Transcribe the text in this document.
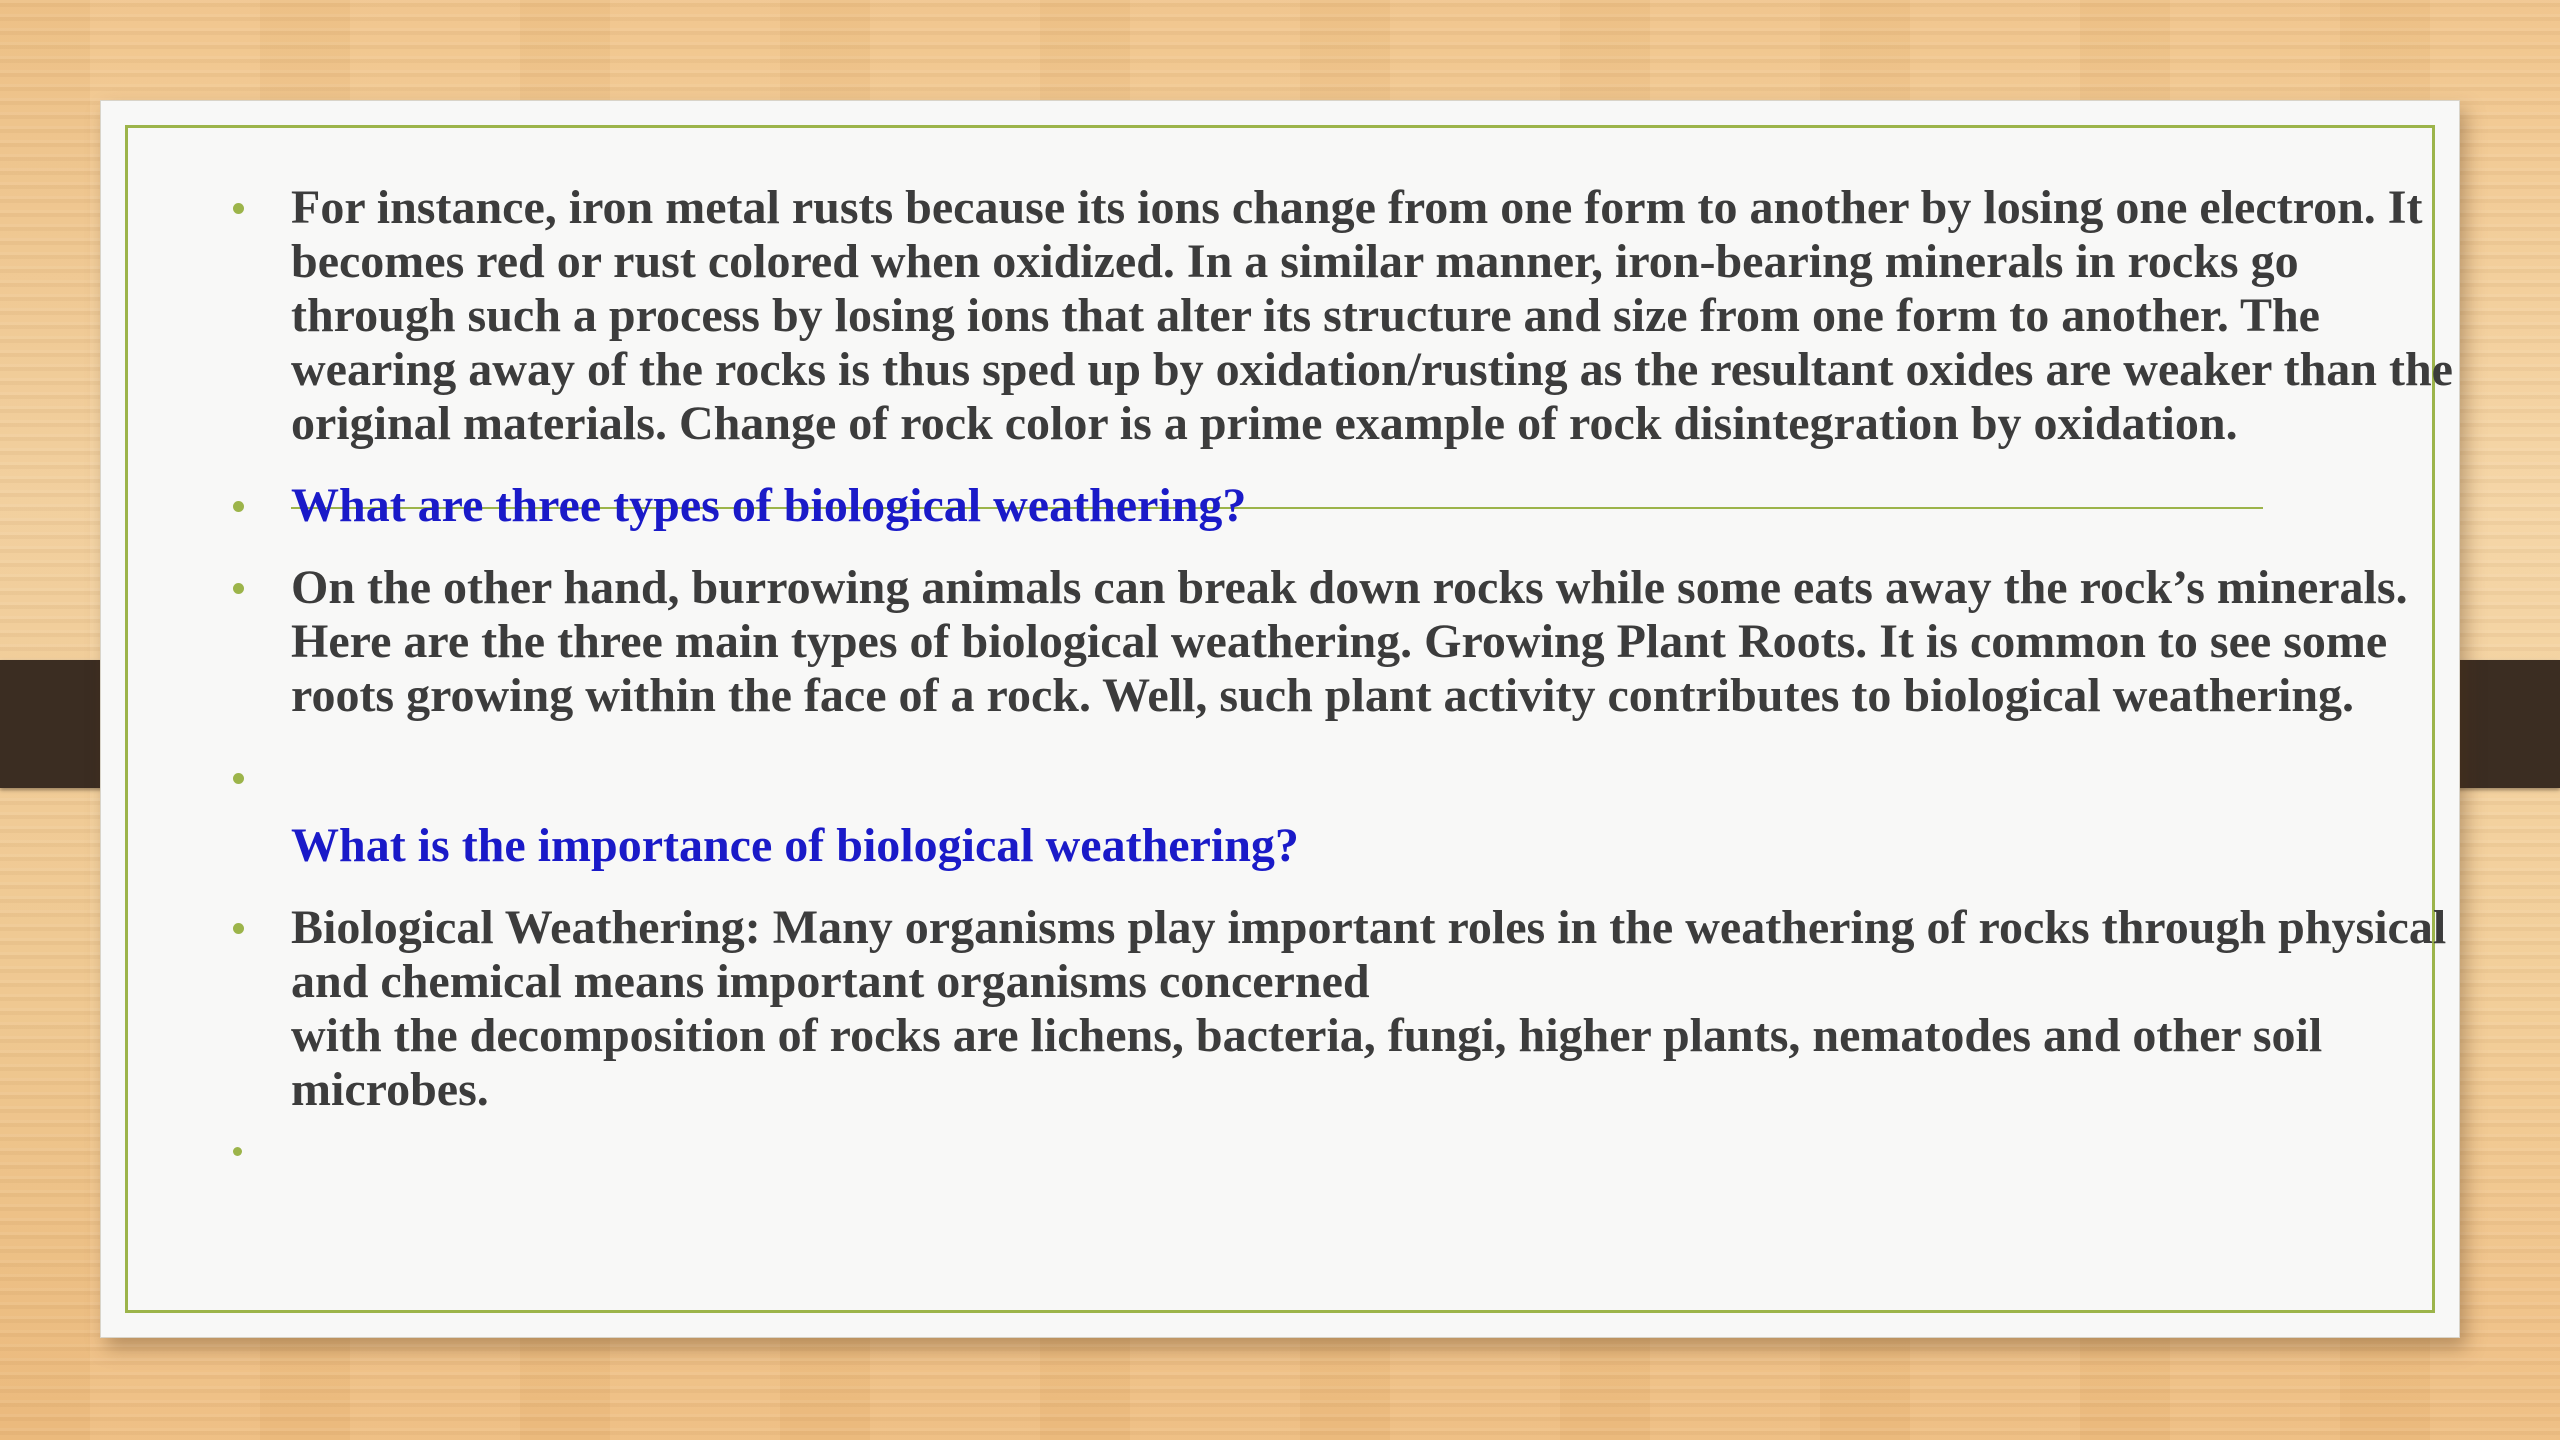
For instance, iron metal rusts because its ions change from one form to another by losing one electron. It becomes red or rust colored when oxidized. In a similar manner, iron-bearing minerals in rocks go through such a process by losing ions that alter its structure and size from one form to another. The wearing away of the rocks is thus sped up by oxidation/rusting as the resultant oxides are weaker than the original materials. Change of rock color is a prime example of rock disintegration by oxidation.

What are three types of biological weathering?

On the other hand, burrowing animals can break down rocks while some eats away the rock’s minerals. Here are the three main types of biological weathering. Growing Plant Roots. It is common to see some roots growing within the face of a rock. Well, such plant activity contributes to biological weathering.

What is the importance of biological weathering?

Biological Weathering: Many organisms play important roles in the weathering of rocks through physical and chemical means important organisms concerned

with the decomposition of rocks are lichens, bacteria, fungi, higher plants, nematodes and other soil microbes.
